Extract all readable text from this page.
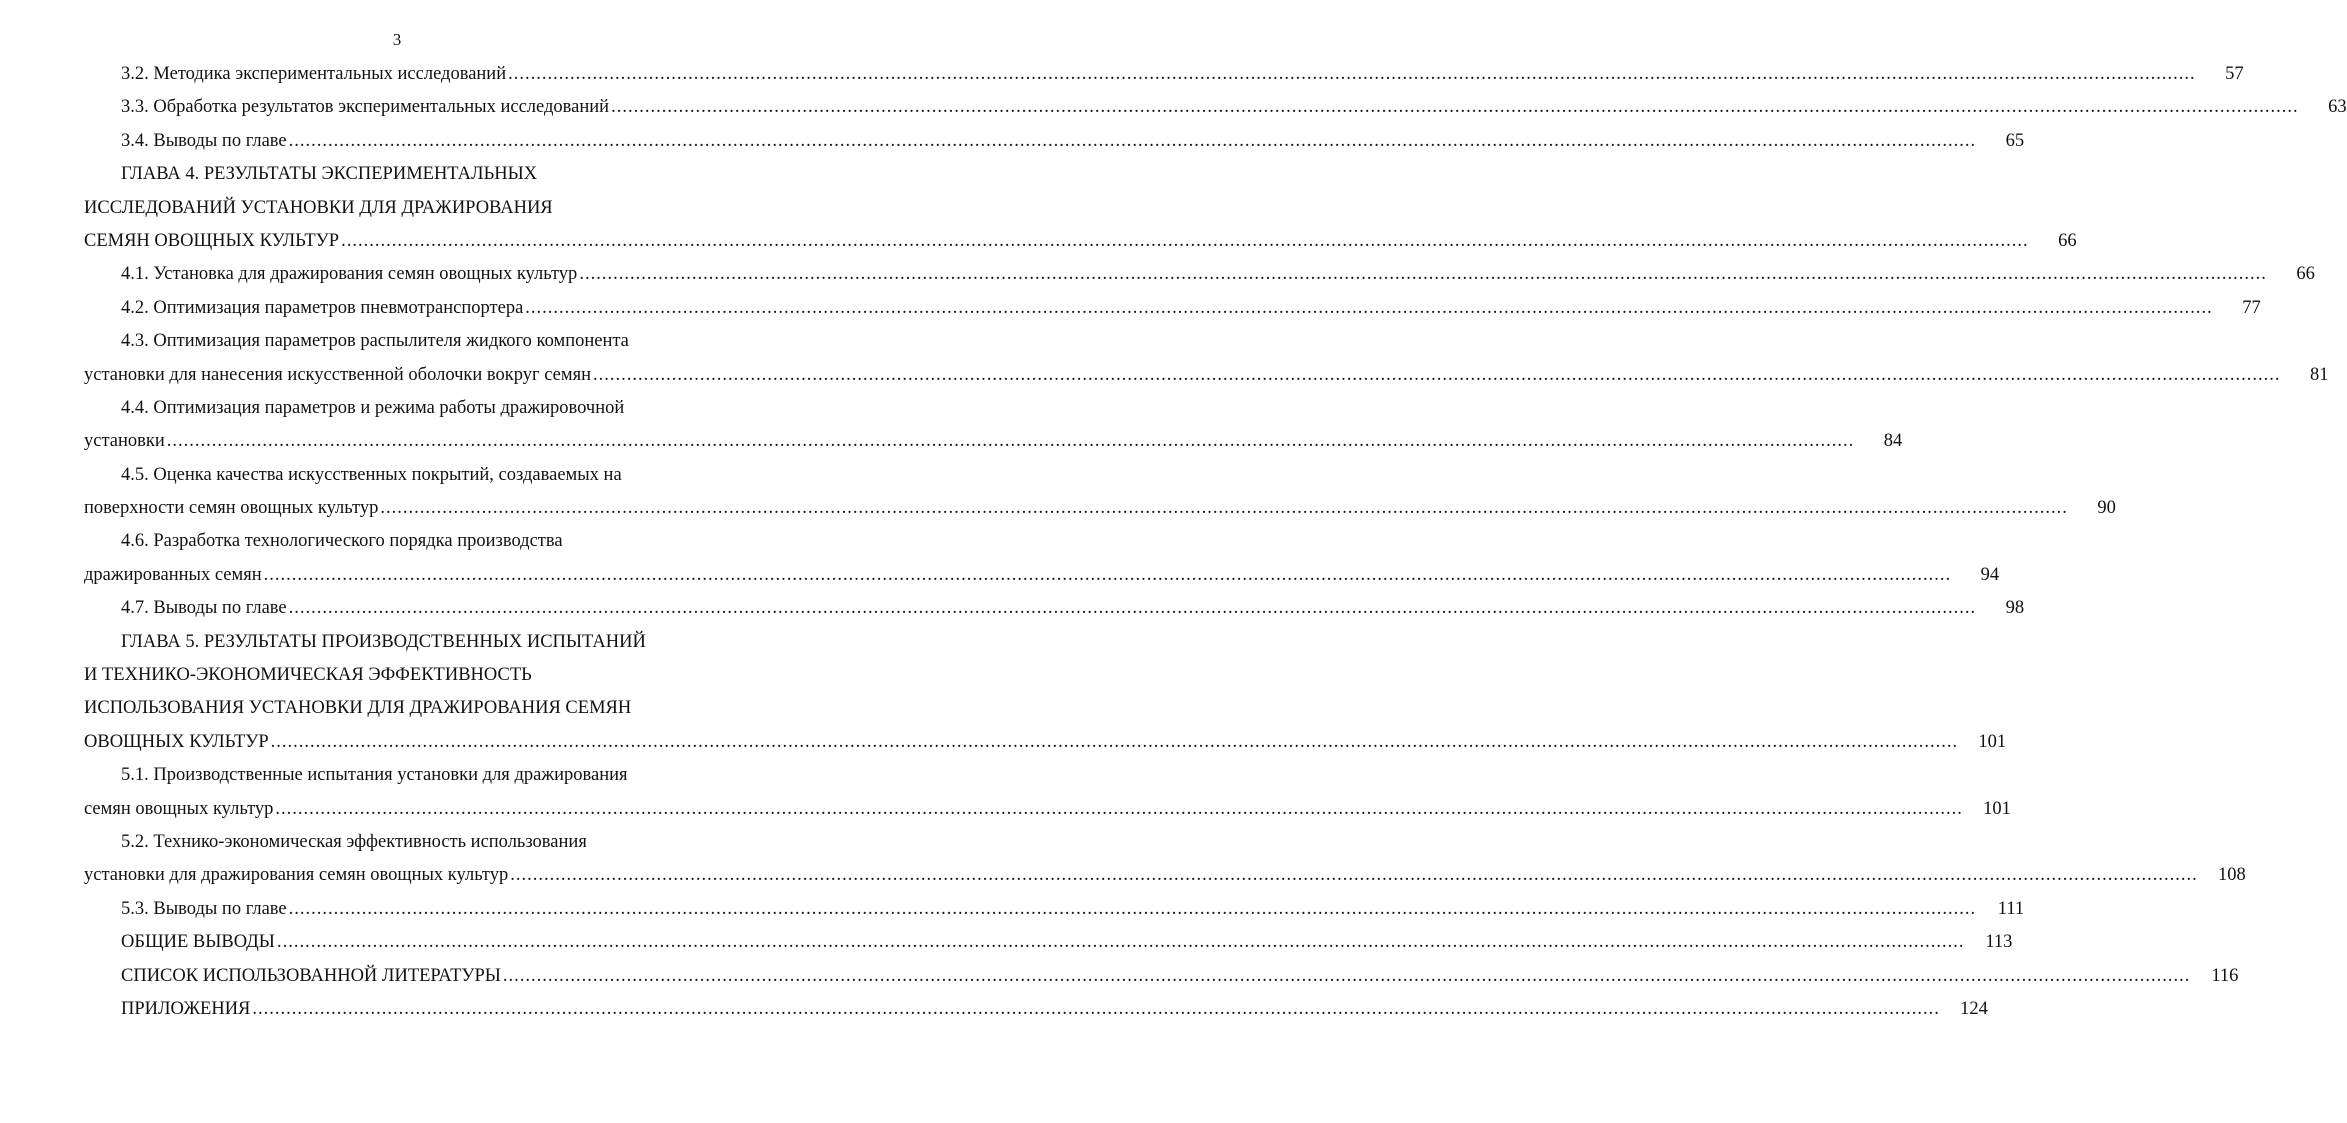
3
3.2. Методика экспериментальных исследований ............................................................................................................................................................................................................................................................................................................	57
3.3. Обработка результатов экспериментальных исследований ............................................................................................................................................................................................................................................................................................................	63
3.4. Выводы по главе ............................................................................................................................................................................................................................................................................................................	65
ГЛАВА 4. РЕЗУЛЬТАТЫ ЭКСПЕРИМЕНТАЛЬНЫХ
ИССЛЕДОВАНИЙ УСТАНОВКИ ДЛЯ ДРАЖИРОВАНИЯ
СЕМЯН ОВОЩНЫХ КУЛЬТУР ............................................................................................................................................................................................................................................................................................................	66
4.1. Установка для дражирования семян овощных культур ............................................................................................................................................................................................................................................................................................................	66
4.2. Оптимизация параметров пневмотранспортера ............................................................................................................................................................................................................................................................................................................	77
4.3. Оптимизация параметров распылителя жидкого компонента
установки для нанесения искусственной оболочки вокруг семян ............................................................................................................................................................................................................................................................................................................	81
4.4. Оптимизация параметров и режима работы дражировочной
установки ............................................................................................................................................................................................................................................................................................................	84
4.5. Оценка качества искусственных покрытий, создаваемых на
поверхности семян овощных культур ............................................................................................................................................................................................................................................................................................................	90
4.6. Разработка технологического порядка производства
дражированных семян ............................................................................................................................................................................................................................................................................................................	94
4.7. Выводы по главе ............................................................................................................................................................................................................................................................................................................	98
ГЛАВА 5. РЕЗУЛЬТАТЫ ПРОИЗВОДСТВЕННЫХ ИСПЫТАНИЙ
И ТЕХНИКО-ЭКОНОМИЧЕСКАЯ ЭФФЕКТИВНОСТЬ
ИСПОЛЬЗОВАНИЯ УСТАНОВКИ ДЛЯ ДРАЖИРОВАНИЯ СЕМЯН
ОВОЩНЫХ КУЛЬТУР ............................................................................................................................................................................................................................................................................................................	101
5.1. Производственные испытания установки для дражирования
семян овощных культур ............................................................................................................................................................................................................................................................................................................	101
5.2. Технико-экономическая эффективность использования
установки для дражирования семян овощных культур ............................................................................................................................................................................................................................................................................................................	108
5.3. Выводы по главе ............................................................................................................................................................................................................................................................................................................	111
ОБЩИЕ ВЫВОДЫ ............................................................................................................................................................................................................................................................................................................	113
СПИСОК ИСПОЛЬЗОВАННОЙ ЛИТЕРАТУРЫ ............................................................................................................................................................................................................................................................................................................	116
ПРИЛОЖЕНИЯ ............................................................................................................................................................................................................................................................................................................	124
